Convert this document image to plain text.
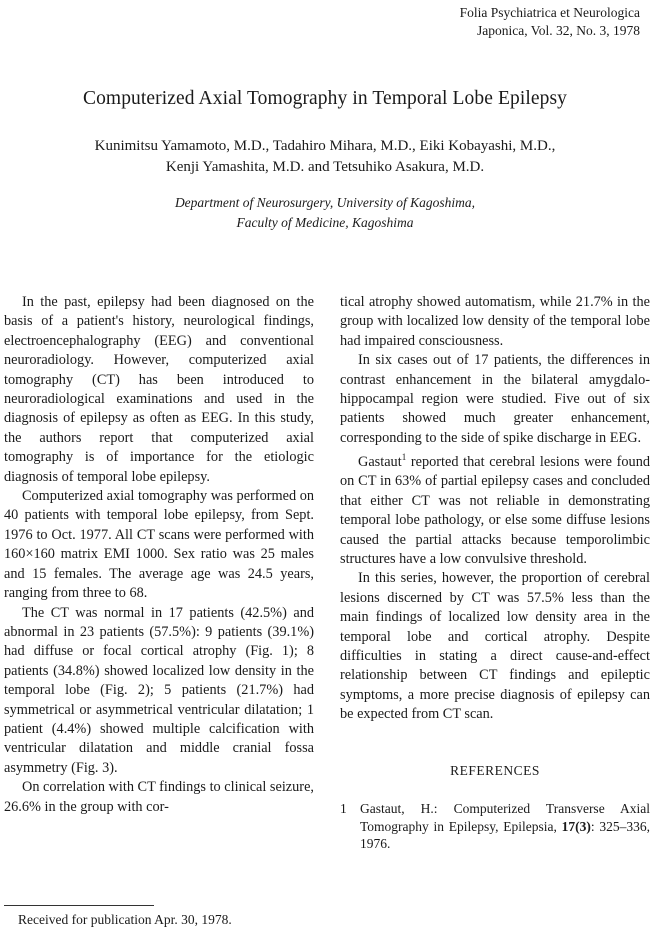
Folia Psychiatrica et Neurologica
Japonica, Vol. 32, No. 3, 1978
Computerized Axial Tomography in Temporal Lobe Epilepsy
Kunimitsu Yamamoto, M.D., Tadahiro Mihara, M.D., Eiki Kobayashi, M.D.,
Kenji Yamashita, M.D. and Tetsuhiko Asakura, M.D.
Department of Neurosurgery, University of Kagoshima,
Faculty of Medicine, Kagoshima

In the past, epilepsy had been diagnosed on the basis of a patient's history, neurological findings, electroencephalography (EEG) and conventional neuroradiology. However, computerized axial tomography (CT) has been introduced to neuroradiological examinations and used in the diagnosis of epilepsy as often as EEG. In this study, the authors report that computerized axial tomography is of importance for the etiologic diagnosis of temporal lobe epilepsy.

Computerized axial tomography was performed on 40 patients with temporal lobe epilepsy, from Sept. 1976 to Oct. 1977. All CT scans were performed with 160×160 matrix EMI 1000. Sex ratio was 25 males and 15 females. The average age was 24.5 years, ranging from three to 68.

The CT was normal in 17 patients (42.5%) and abnormal in 23 patients (57.5%): 9 patients (39.1%) had diffuse or focal cortical atrophy (Fig. 1); 8 patients (34.8%) showed localized low density in the temporal lobe (Fig. 2); 5 patients (21.7%) had symmetrical or asymmetrical ventricular dilatation; 1 patient (4.4%) showed multiple calcification with ventricular dilatation and middle cranial fossa asymmetry (Fig. 3).

On correlation with CT findings to clinical seizure, 26.6% in the group with cor-

tical atrophy showed automatism, while 21.7% in the group with localized low density of the temporal lobe had impaired consciousness.

In six cases out of 17 patients, the differences in contrast enhancement in the bilateral amygdalo-hippocampal region were studied. Five out of six patients showed much greater enhancement, corresponding to the side of spike discharge in EEG.

Gastaut$^1$ reported that cerebral lesions were found on CT in 63% of partial epilepsy cases and concluded that either CT was not reliable in demonstrating temporal lobe pathology, or else some diffuse lesions caused the partial attacks because temporolimbic structures have a low convulsive threshold.

In this series, however, the proportion of cerebral lesions discerned by CT was 57.5% less than the main findings of localized low density area in the temporal lobe and cortical atrophy. Despite difficulties in stating a direct cause-and-effect relationship between CT findings and epileptic symptoms, a more precise diagnosis of epilepsy can be expected from CT scan.

REFERENCES
1 Gastaut, H.: Computerized Transverse Axial Tomography in Epilepsy, Epilepsia, 17(3): 325–336, 1976.
Received for publication Apr. 30, 1978.
